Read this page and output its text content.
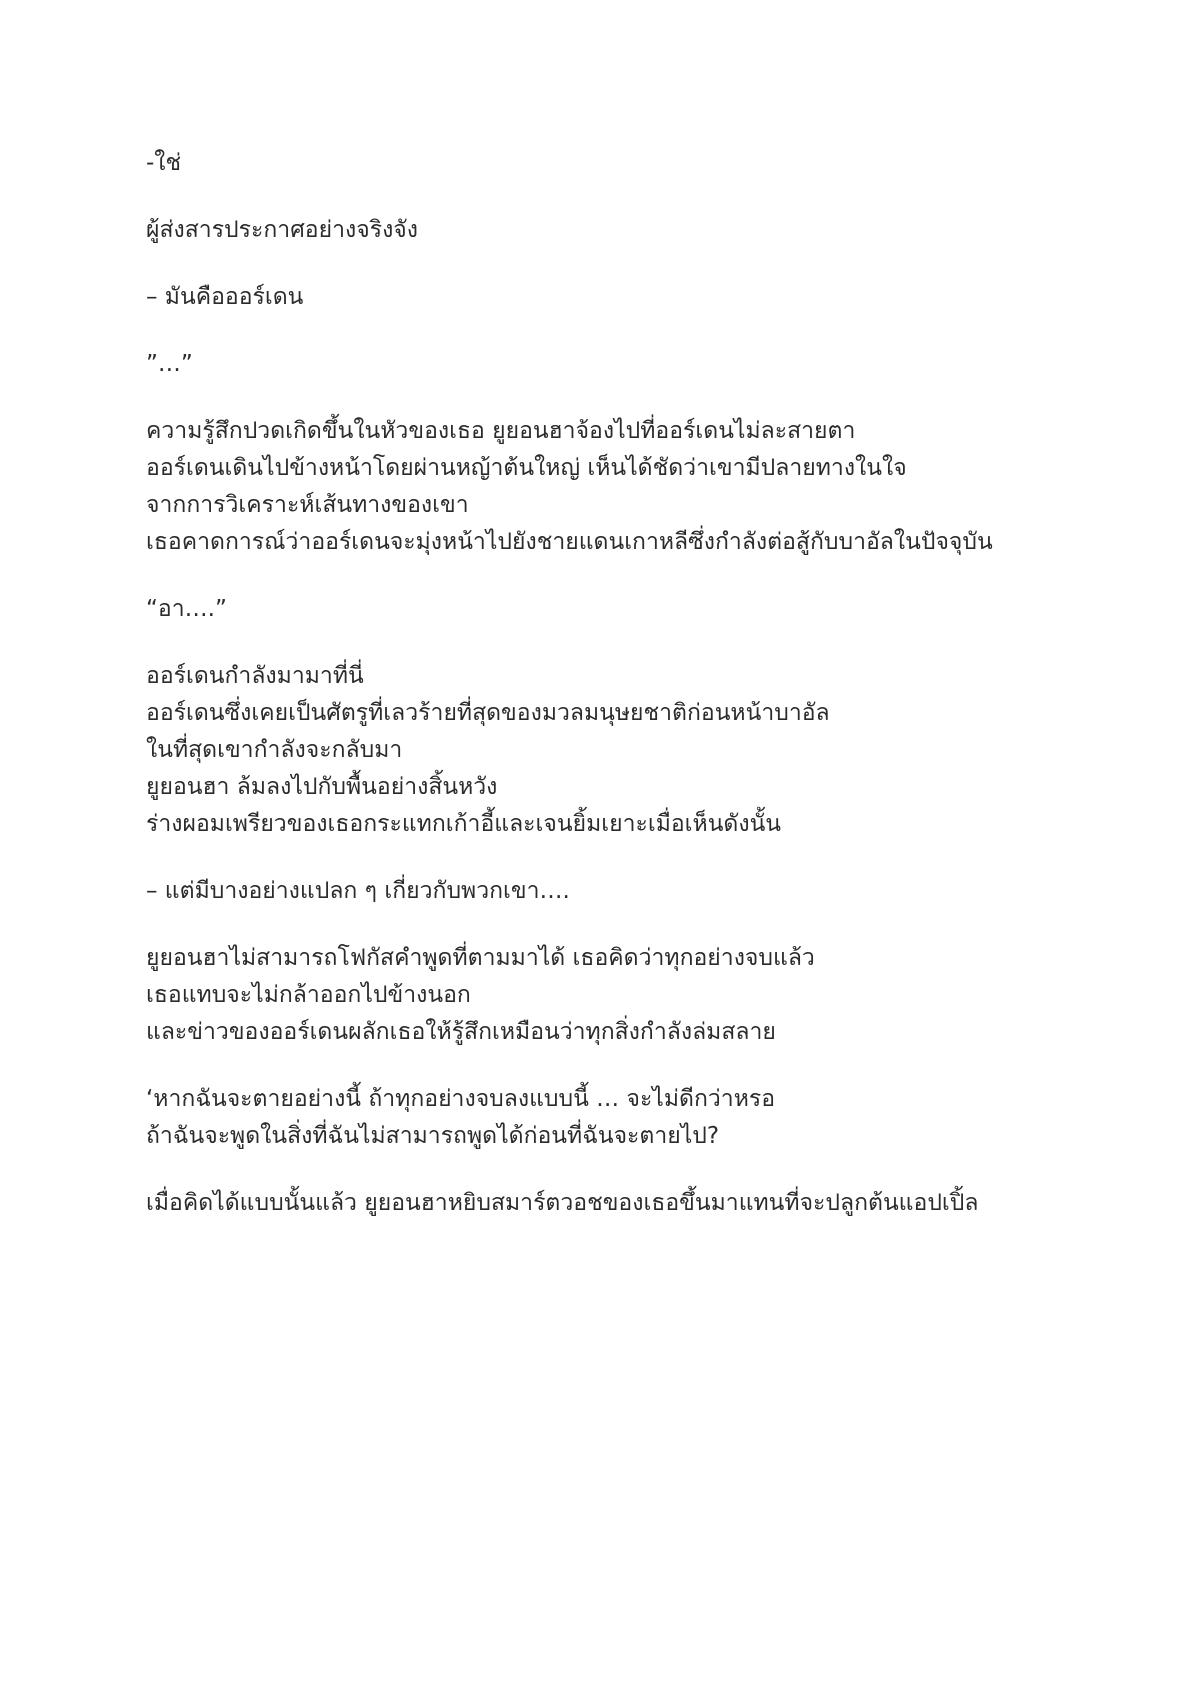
-ใช่

ผู้ส่งสารประกาศอย่างจริงจัง

– มันคือออร์เดน

”…”

ความรู้สึกปวดเกิดขึ้นในหัวของเธอ ยูยอนฮาจ้องไปที่ออร์เดนไม่ละสายตา
ออร์เดนเดินไปข้างหน้าโดยผ่านหญ้าต้นใหญ่ เห็นได้ชัดว่าเขามีปลายทางในใจ
จากการวิเคราะห์เส้นทางของเขา
เธอคาดการณ์ว่าออร์เดนจะมุ่งหน้าไปยังชายแดนเกาหลีซึ่งกำลังต่อสู้กับบาอัลในปัจจุบัน

“อา….”

ออร์เดนกำลังมามาที่นี่
ออร์เดนซึ่งเคยเป็นศัตรูที่เลวร้ายที่สุดของมวลมนุษยชาติก่อนหน้าบาอัล
ในที่สุดเขากำลังจะกลับมา
ยูยอนฮา ล้มลงไปกับพื้นอย่างสิ้นหวัง
ร่างผอมเพรียวของเธอกระแทกเก้าอี้และเจนยิ้มเยาะเมื่อเห็นดังนั้น

– แต่มีบางอย่างแปลก ๆ เกี่ยวกับพวกเขา….

ยูยอนฮาไม่สามารถโฟกัสคำพูดที่ตามมาได้ เธอคิดว่าทุกอย่างจบแล้ว
เธอแทบจะไม่กล้าออกไปข้างนอก
และข่าวของออร์เดนผลักเธอให้รู้สึกเหมือนว่าทุกสิ่งกำลังล่มสลาย

‘หากฉันจะตายอย่างนี้ ถ้าทุกอย่างจบลงแบบนี้ … จะไม่ดีกว่าหรอ
ถ้าฉันจะพูดในสิ่งที่ฉันไม่สามารถพูดได้ก่อนที่ฉันจะตายไป?

เมื่อคิดได้แบบนั้นแล้ว ยูยอนฮาหยิบสมาร์ตวอชของเธอขึ้นมาแทนที่จะปลูกต้นแอปเปิ้ล
